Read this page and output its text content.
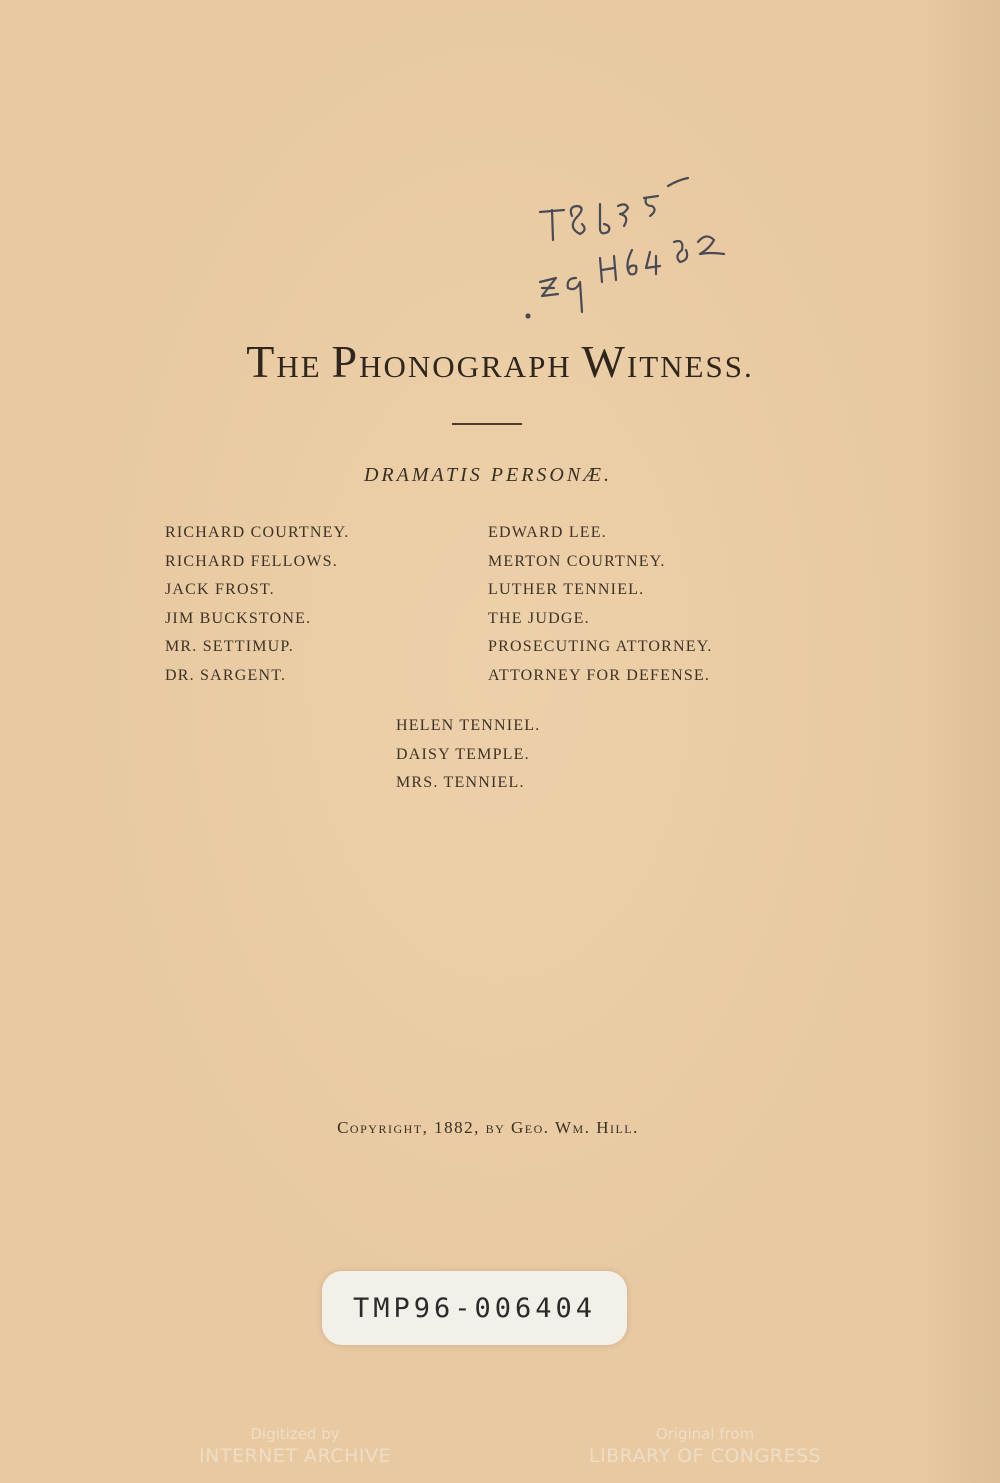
THE PHONOGRAPH WITNESS.
DRAMATIS PERSONÆ.
RICHARD COURTNEY.
RICHARD FELLOWS.
JACK FROST.
JIM BUCKSTONE.
MR. SETTIMUP.
DR. SARGENT.
EDWARD LEE.
MERTON COURTNEY.
LUTHER TENNIEL.
THE JUDGE.
PROSECUTING ATTORNEY.
ATTORNEY FOR DEFENSE.
HELEN TENNIEL.
DAISY TEMPLE.
MRS. TENNIEL.
Copyright, 1882, by Geo. Wm. Hill.
TMP96-006404
Digitized by
INTERNET ARCHIVE
Original from
LIBRARY OF CONGRESS
